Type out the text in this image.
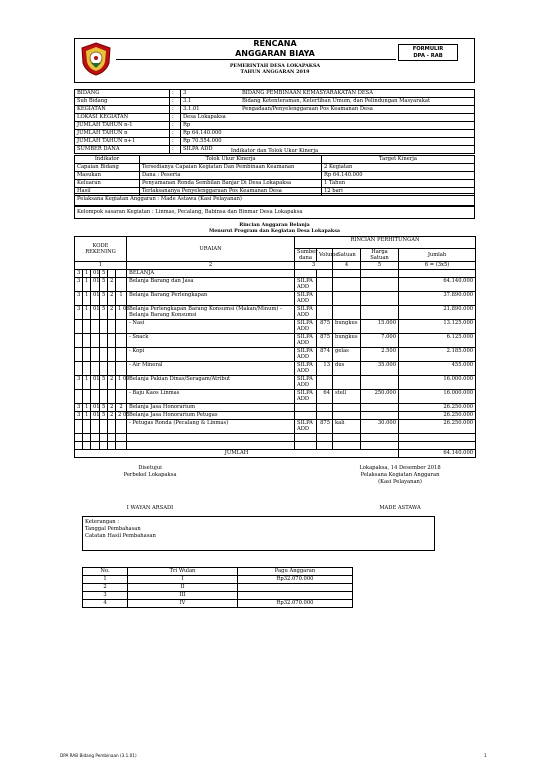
RENCANA
ANGGARAN BIAYA
PEMERINTAH DESA LOKAPAKSA
TAHUN ANGGARAN 2019
FORMULIR
DPA - RAB
BIDANG	:	3	BIDANG PEMBINAAN KEMASYARAKATAN DESA
Sub Bidang	:	3.1	Bidang Ketenteraman, Ketertiban Umum, dan Pelindungan Masyarakat
KEGIATAN	:	3.1.01	Pengadaan/Penyelenggaraan Pos Keamanan Desa
LOKASI KEGIATAN	:	Desa Lokapaksa	
JUMLAH TAHUN n-1	:	Rp	
JUMLAH TAHUN n	:	Rp 64.140.000	
JUMLAH TAHUN n+1	:	Rp 70.554.000	
SUMBER DANA	:	SILPA ADD		Indikator dan Tolok Ukur Kinerja
Indikator	Tolok Ukur Kinerja	Target Kinerja
Capaian Bidang	Tersedianya Capaian Kegiatan Dan Pembinaan Keamanan	2 Kegiatan
Masukan	Dana : Peserta	Rp 64.140.000
Keluaran	Penyamanan Ronda Sembilan Banjar Di Desa Lokapaksa	1 Tahun
Hasil	Terlaksananya Penyelenggaraan Pos Keamanan Desa	12 bari
Pelaksana Kegiatan Anggaran : Made Astawa (Kasi Pelayanan)
Kelompok sasaran Kegiatan : Linmas, Pecalang, Babinsa dan Binmar Desa Lokapaksa
Rincian Anggaran Belanja
Menurut Program dan Kegiatan Desa Lokapaksa
KODE
REKENING						URAIAN	RINCIAN PERHITUNGAN				
							Sumber dana	Volume	Satuan	Harga Satuan	Jumlah
1						2	3		4	5	6 = (3x5)
3	1	01	5			BELANJA					
3	1	01	5	2		Belanja Barang dan Jasa	SILPA ADD				64.140.000
3	1	01	5	2	1	Belanja Barang Perlengkapan	SILPA ADD				37.890.000
3	1	01	5	2	1 06	Belanja Perlengkapan Barang Konsumsi (Makan/Minum) - Belanja Barang Konsumsi	SILPA ADD				21.890.000
						- Nasi	SILPA ADD	875	bungkus	15.000	13.125.000
						- Snack	SILPA ADD	875	bungkus	7.000	6.125.000
						- Kopi	SILPA ADD	874	gelas	2.500	2.185.000
						- Air Mineral	SILPA ADD	13	dus	35.000	455.000
3	1	01	5	2	1 09	Belanja Pakian Dinas/Seragam/Atribut	SILPA ADD				16.000.000
						- Baju Kaos Linmas	SILPA ADD	64	stell	250.000	16.000.000
3	1	01	5	2	2	Belanja Jasa Honorarium					26.250.000
3	1	01	5	2	2 05	Belanja Jasa Honorarium Petugas					26.250.000
						- Petugas Ronda (Pecalang & Linmas)	SILPA ADD	875	kali	30.000	26.250.000

JUMLAH											64.140.000
Disetujui
Perbekel Lokapaksa
Lokapaksa, 14 Desember 2018
Pelaksana Kegiatan Anggaran
(Kasi Pelayanan)
I WAYAN ARSADI	MADE ASTAWA
Keterangan :
Tanggal Pembahasan
Catatan Hasil Pembahasan
No.	Tri Wulan	Pagu Anggaran
1	I	Rp32.070.000
2	II	
3	III	
4	IV	Rp32.070.000
DPA RAB Bidang Pembinaan (3.1.01)	1
